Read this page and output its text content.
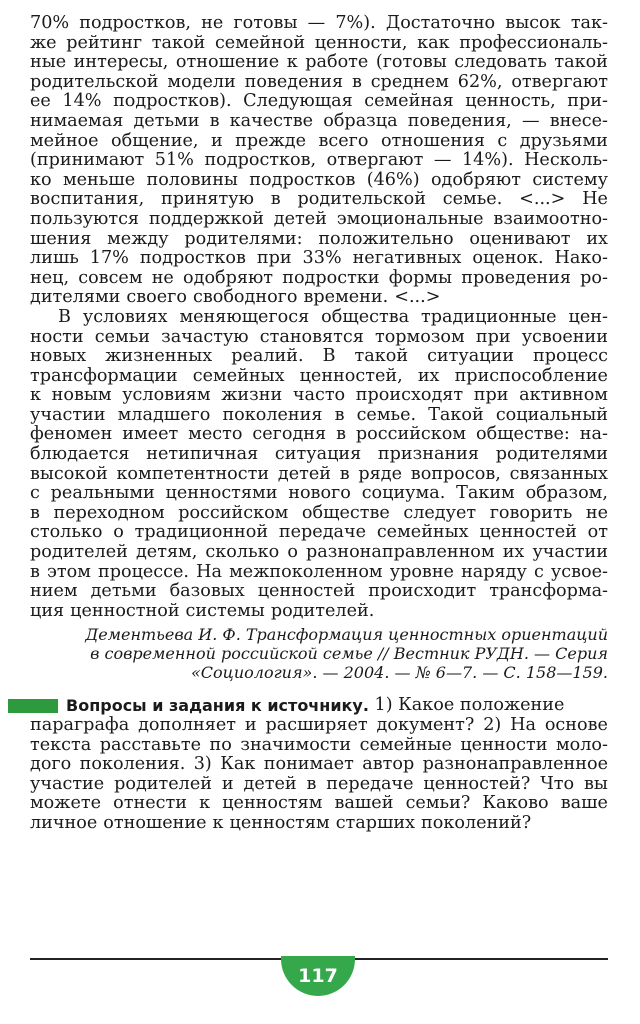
70% подростков, не готовы — 7%). Достаточно высок так-
же рейтинг такой семейной ценности, как профессиональ-
ные интересы, отношение к работе (готовы следовать такой
родительской модели поведения в среднем 62%, отвергают
ее 14% подростков). Следующая семейная ценность, при-
нимаемая детьми в качестве образца поведения, — внесе-
мейное общение, и прежде всего отношения с друзьями
(принимают 51% подростков, отвергают — 14%). Несколь-
ко меньше половины подростков (46%) одобряют систему
воспитания, принятую в родительской семье. <...> Не
пользуются поддержкой детей эмоциональные взаимоотно-
шения между родителями: положительно оценивают их
лишь 17% подростков при 33% негативных оценок. Нако-
нец, совсем не одобряют подростки формы проведения ро-
дителями своего свободного времени. <...>
В условиях меняющегося общества традиционные цен-
ности семьи зачастую становятся тормозом при усвоении
новых жизненных реалий. В такой ситуации процесс
трансформации семейных ценностей, их приспособление
к новым условиям жизни часто происходят при активном
участии младшего поколения в семье. Такой социальный
феномен имеет место сегодня в российском обществе: на-
блюдается нетипичная ситуация признания родителями
высокой компетентности детей в ряде вопросов, связанных
с реальными ценностями нового социума. Таким образом,
в переходном российском обществе следует говорить не
столько о традиционной передаче семейных ценностей от
родителей детям, сколько о разнонаправленном их участии
в этом процессе. На межпоколенном уровне наряду с усвое-
нием детьми базовых ценностей происходит трансформа-
ция ценностной системы родителей.
Дементьева И. Ф. Трансформация ценностных ориентаций
в современной российской семье // Вестник РУДН. — Серия
«Социология». — 2004. — № 6—7. — С. 158—159.
Вопросы и задания к источнику. 1) Какое положение
параграфа дополняет и расширяет документ? 2) На основе
текста расставьте по значимости семейные ценности моло-
дого поколения. 3) Как понимает автор разнонаправленное
участие родителей и детей в передаче ценностей? Что вы
можете отнести к ценностям вашей семьи? Каково ваше
личное отношение к ценностям старших поколений?
117
